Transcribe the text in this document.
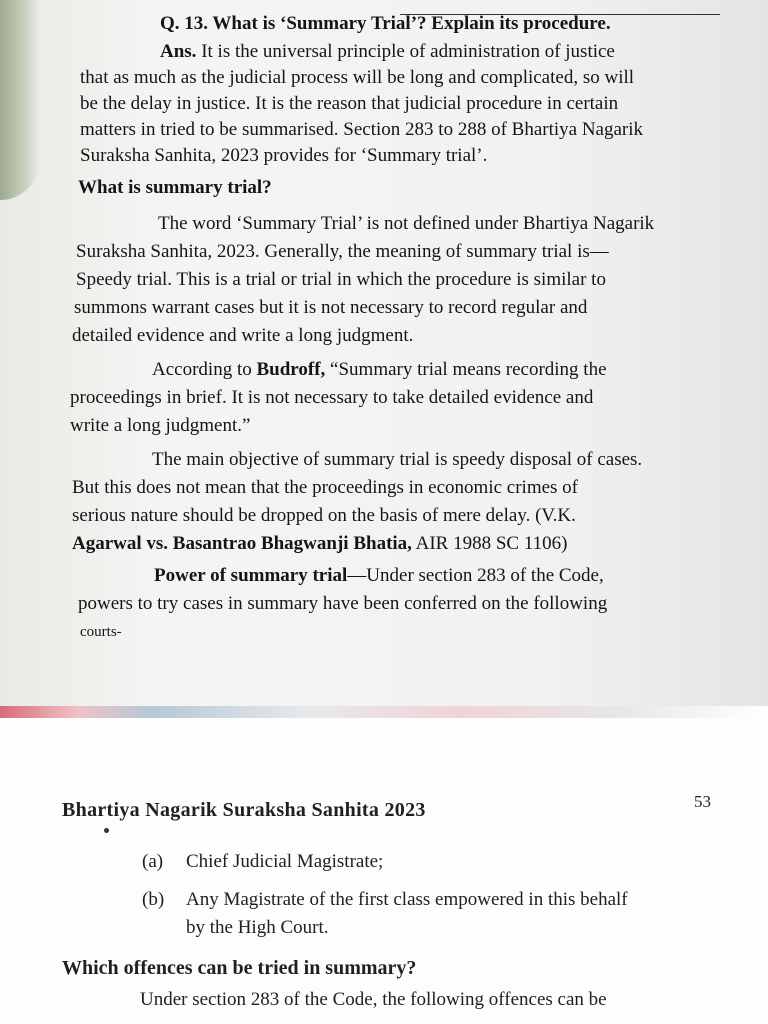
Q. 13. What is ‘Summary Trial’? Explain its procedure.
Ans. It is the universal principle of administration of justice
that as much as the judicial process will be long and complicated, so will
be the delay in justice. It is the reason that judicial procedure in certain
matters in tried to be summarised. Section 283 to 288 of Bhartiya Nagarik
Suraksha Sanhita, 2023 provides for ‘Summary trial’.
What is summary trial?
The word ‘Summary Trial’ is not defined under Bhartiya Nagarik
Suraksha Sanhita, 2023. Generally, the meaning of summary trial is—
Speedy trial. This is a trial or trial in which the procedure is similar to
summons warrant cases but it is not necessary to record regular and
detailed evidence and write a long judgment.
According to Budroff, “Summary trial means recording the
proceedings in brief. It is not necessary to take detailed evidence and
write a long judgment.”
The main objective of summary trial is speedy disposal of cases.
But this does not mean that the proceedings in economic crimes of
serious nature should be dropped on the basis of mere delay. (V.K.
Agarwal vs. Basantrao Bhagwanji Bhatia, AIR 1988 SC 1106)
Power of summary trial—Under section 283 of the Code,
powers to try cases in summary have been conferred on the following
courts-
Bhartiya Nagarik Suraksha Sanhita 2023	53
(a) Chief Judicial Magistrate;
(b) Any Magistrate of the first class empowered in this behalf
by the High Court.
Which offences can be tried in summary?
Under section 283 of the Code, the following offences can be
